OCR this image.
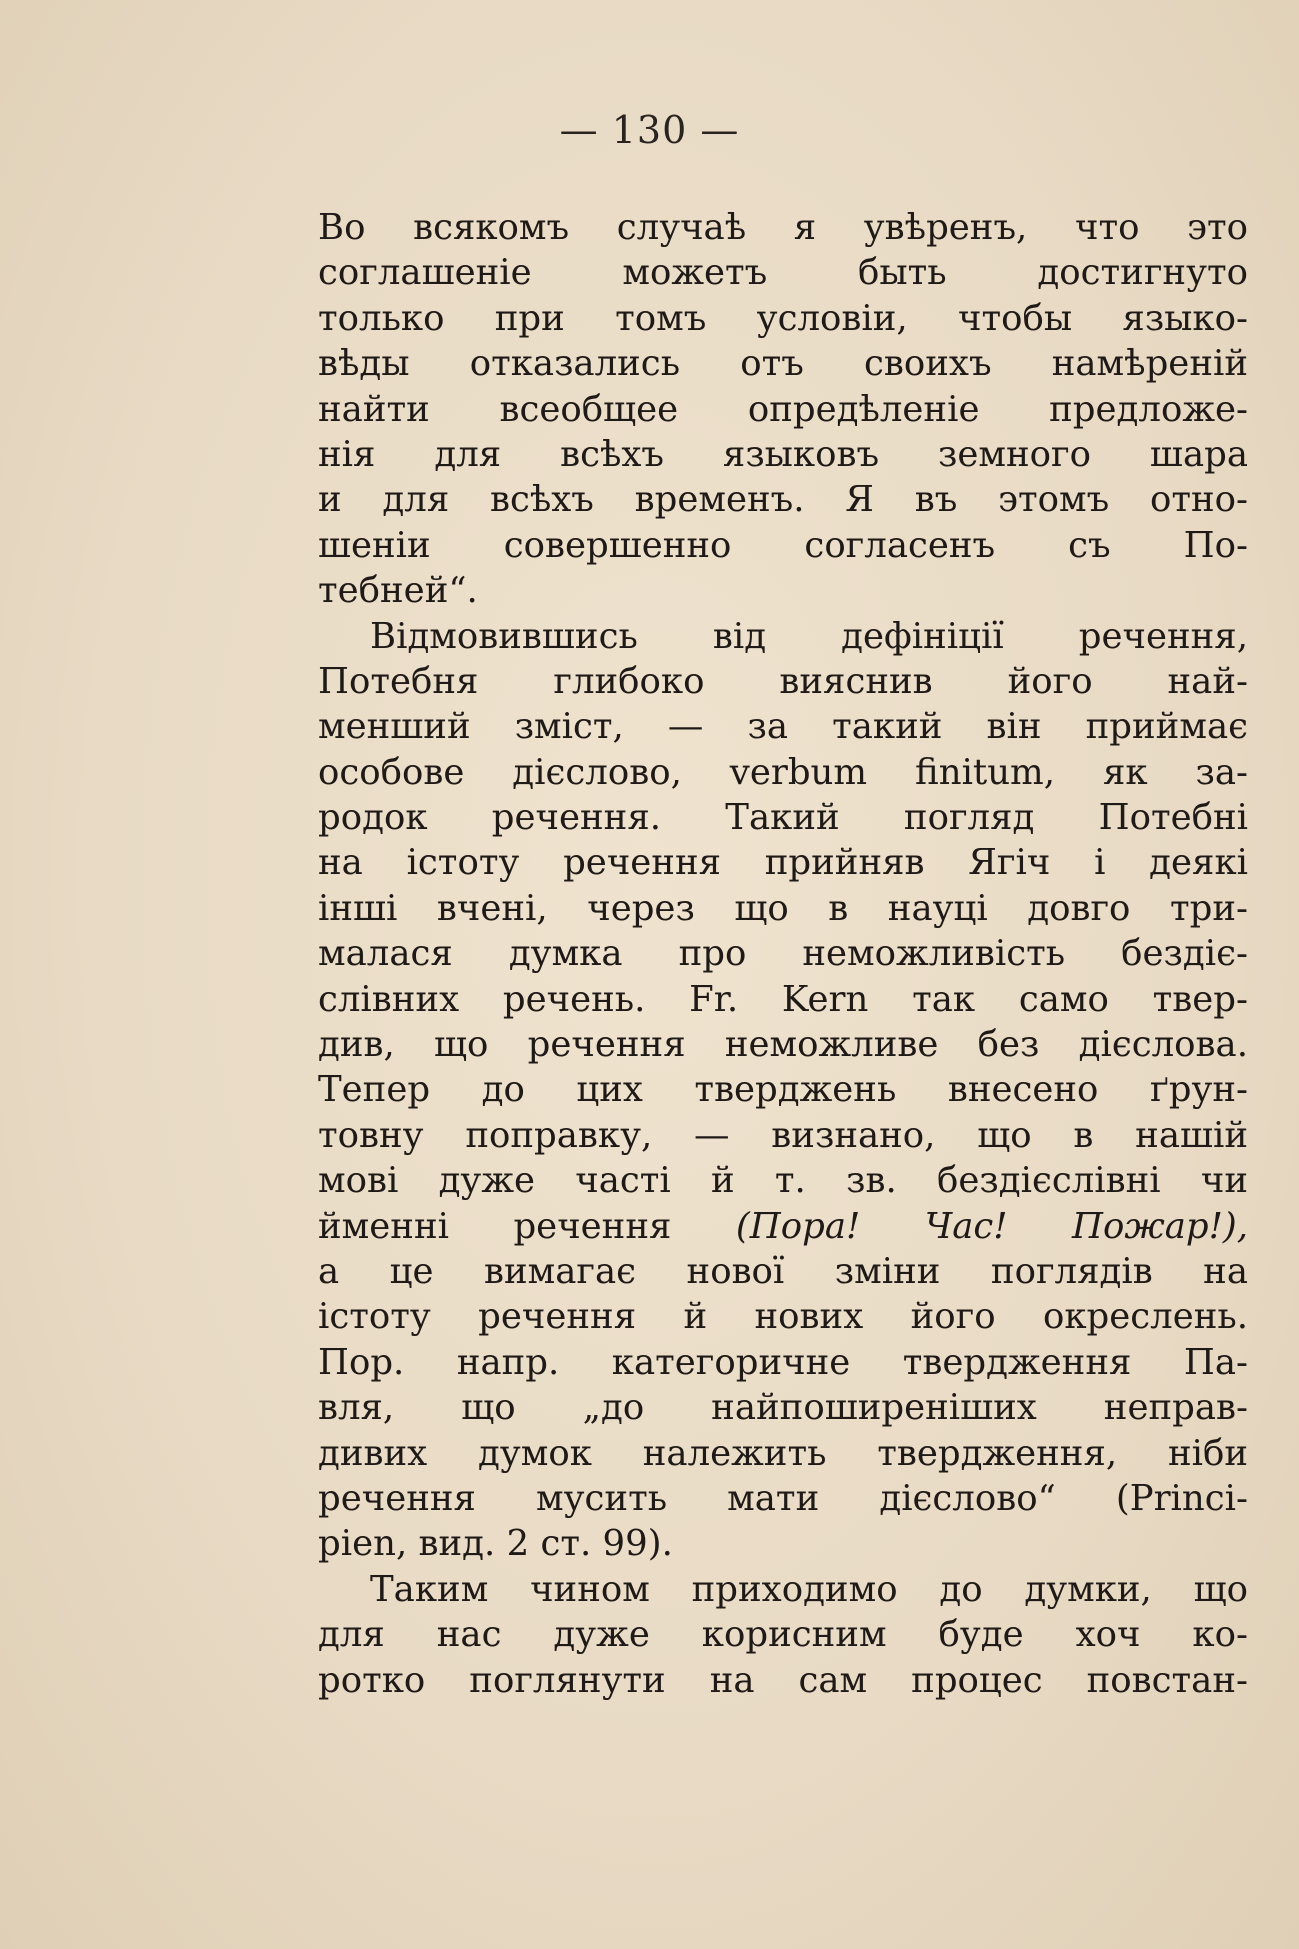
— 130 —
Во всякомъ случаѣ я увѣренъ, что это
соглашеніе можетъ быть достигнуто
только при томъ условіи, чтобы языко-
вѣды отказались отъ своихъ намѣреній
найти всеобщее опредѣленіе предложе-
нія для всѣхъ языковъ земного шара
и для всѣхъ временъ. Я въ этомъ отно-
шеніи совершенно согласенъ съ По-
тебней“.
Відмовившись від дефініції речення,
Потебня глибоко вияснив його най-
менший зміст, — за такий він приймає
особове дієслово, verbum finitum, як за-
родок речення. Такий погляд Потебні
на істоту речення прийняв Ягіч і деякі
інші вчені, через що в науці довго три-
малася думка про неможливість бездіє-
слівних речень. Fr. Kern так само твер-
див, що речення неможливе без дієслова.
Тепер до цих тверджень внесено ґрун-
товну поправку, — визнано, що в нашій
мові дуже часті й т. зв. бездієслівні чи
йменні речення (Пора! Час! Пожар!),
а це вимагає нової зміни поглядів на
істоту речення й нових його окреслень.
Пор. напр. категоричне твердження Па-
вля, що „до найпоширеніших неправ-
дивих думок належить твердження, ніби
речення мусить мати дієслово“ (Princi-
pien, вид. 2 ст. 99).
Таким чином приходимо до думки, що
для нас дуже корисним буде хоч ко-
ротко поглянути на сам процес повстан-
